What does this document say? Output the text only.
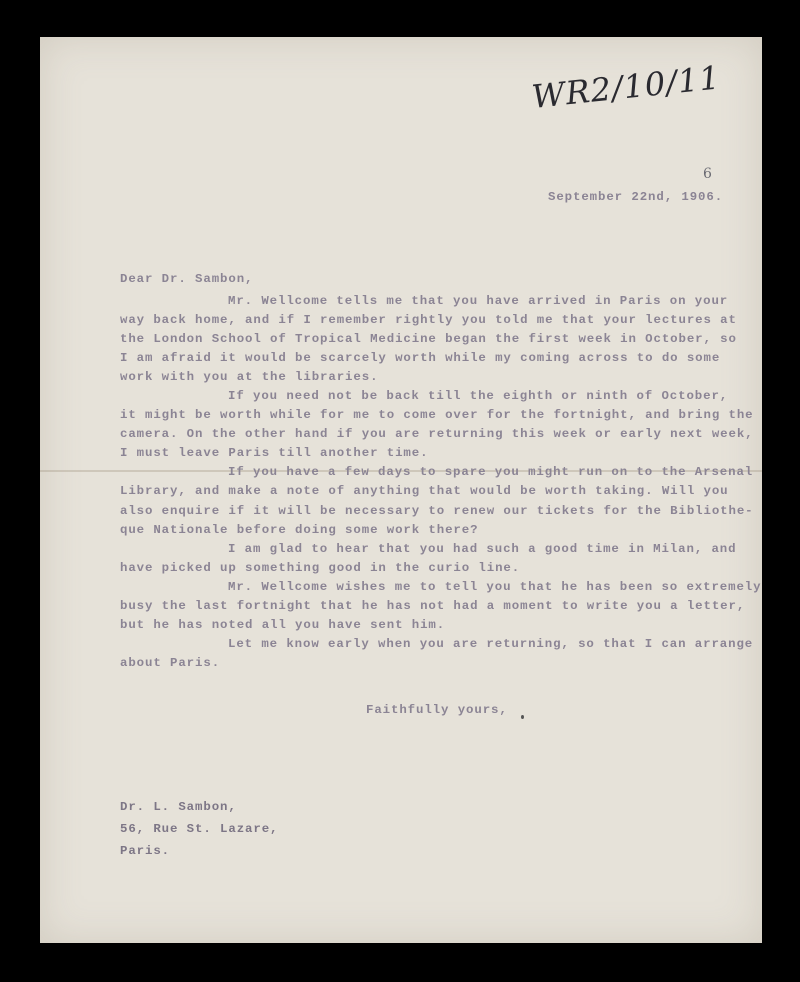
WR2/10/11

6

September 22nd, 1906.

Dear Dr. Sambon,

Mr. Wellcome tells me that you have arrived in Paris on your
way back home, and if I remember rightly you told me that your lectures at
the London School of Tropical Medicine began the first week in October, so
I am afraid it would be scarcely worth while my coming across to do some
work with you at the libraries.
If you need not be back till the eighth or ninth of October,
it might be worth while for me to come over for the fortnight, and bring the
camera. On the other hand if you are returning this week or early next week,
I must leave Paris till another time.
If you have a few days to spare you might run on to the Arsenal
Library, and make a note of anything that would be worth taking. Will you
also enquire if it will be necessary to renew our tickets for the Bibliothe-
que Nationale before doing some work there?
I am glad to hear that you had such a good time in Milan, and
have picked up something good in the curio line.
Mr. Wellcome wishes me to tell you that he has been so extremely
busy the last fortnight that he has not had a moment to write you a letter,
but he has noted all you have sent him.
Let me know early when you are returning, so that I can arrange
about Paris.

Faithfully yours,

Dr. L. Sambon,
56, Rue St. Lazare,
Paris.
